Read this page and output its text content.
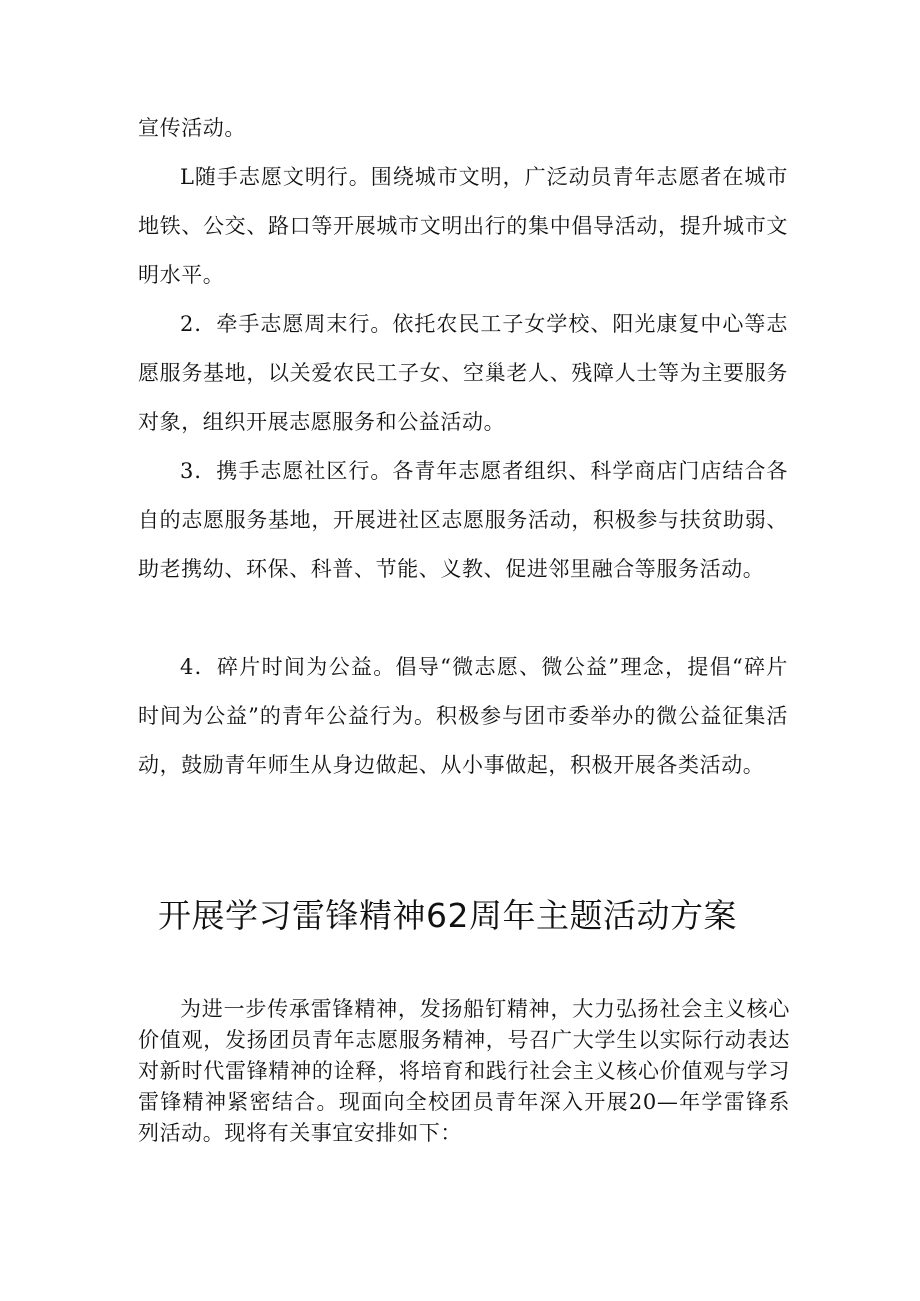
宣传活动。

L随手志愿文明行。围绕城市文明，广泛动员青年志愿者在城市地铁、公交、路口等开展城市文明出行的集中倡导活动，提升城市文明水平。

2．牵手志愿周末行。依托农民工子女学校、阳光康复中心等志愿服务基地，以关爱农民工子女、空巢老人、残障人士等为主要服务对象，组织开展志愿服务和公益活动。

3．携手志愿社区行。各青年志愿者组织、科学商店门店结合各自的志愿服务基地，开展进社区志愿服务活动，积极参与扶贫助弱、助老携幼、环保、科普、节能、义教、促进邻里融合等服务活动。

4．碎片时间为公益。倡导“微志愿、微公益”理念，提倡“碎片时间为公益”的青年公益行为。积极参与团市委举办的微公益征集活动，鼓励青年师生从身边做起、从小事做起，积极开展各类活动。

开展学习雷锋精神62周年主题活动方案

为进一步传承雷锋精神，发扬船钉精神，大力弘扬社会主义核心价值观，发扬团员青年志愿服务精神，号召广大学生以实际行动表达对新时代雷锋精神的诠释，将培育和践行社会主义核心价值观与学习雷锋精神紧密结合。现面向全校团员青年深入开展20—年学雷锋系列活动。现将有关事宜安排如下：
